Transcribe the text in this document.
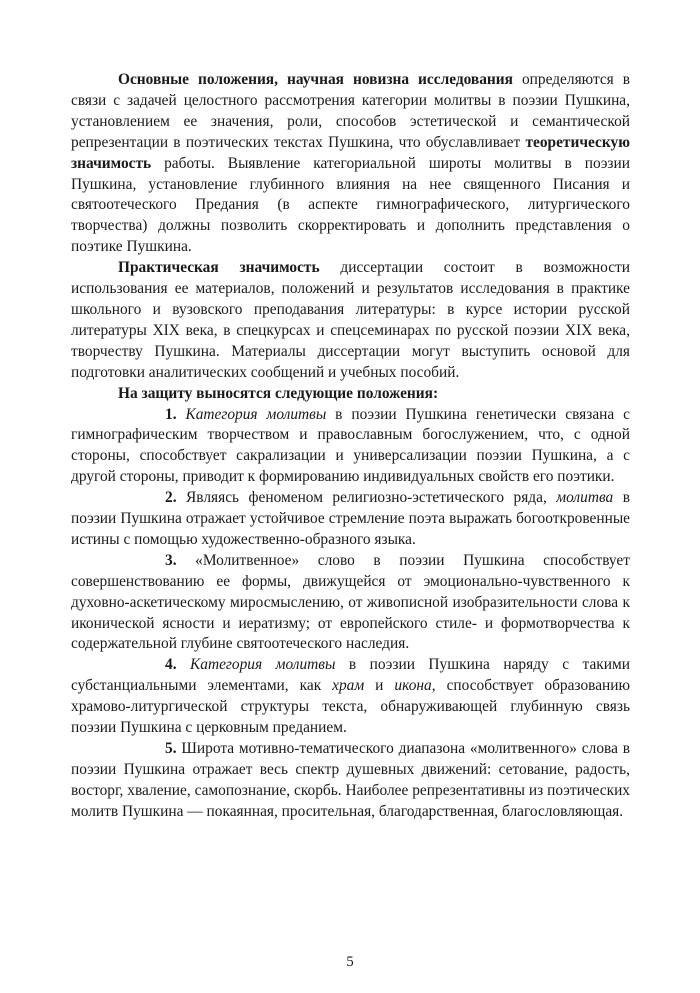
Основные положения, научная новизна исследования определяются в связи с задачей целостного рассмотрения категории молитвы в поэзии Пушкина, установлением ее значения, роли, способов эстетической и семантической репрезентации в поэтических текстах Пушкина, что обуславливает теоретическую значимость работы. Выявление категориальной широты молитвы в поэзии Пушкина, установление глубинного влияния на нее священного Писания и святоотеческого Предания (в аспекте гимнографического, литургического творчества) должны позволить скорректировать и дополнить представления о поэтике Пушкина.

Практическая значимость диссертации состоит в возможности использования ее материалов, положений и результатов исследования в практике школьного и вузовского преподавания литературы: в курсе истории русской литературы XIX века, в спецкурсах и спецсеминарах по русской поэзии XIX века, творчеству Пушкина. Материалы диссертации могут выступить основой для подготовки аналитических сообщений и учебных пособий.

На защиту выносятся следующие положения:

1. Категория молитвы в поэзии Пушкина генетически связана с гимнографическим творчеством и православным богослужением, что, с одной стороны, способствует сакрализации и универсализации поэзии Пушкина, а с другой стороны, приводит к формированию индивидуальных свойств его поэтики.

2. Являясь феноменом религиозно-эстетического ряда, молитва в поэзии Пушкина отражает устойчивое стремление поэта выражать богооткровенные истины с помощью художественно-образного языка.

3. «Молитвенное» слово в поэзии Пушкина способствует совершенствованию ее формы, движущейся от эмоционально-чувственного к духовно-аскетическому миросмыслению, от живописной изобразительности слова к иконической ясности и иератизму; от европейского стиле- и формотворчества к содержательной глубине святоотеческого наследия.

4. Категория молитвы в поэзии Пушкина наряду с такими субстанциальными элементами, как храм и икона, способствует образованию храмово-литургической структуры текста, обнаруживающей глубинную связь поэзии Пушкина с церковным преданием.

5. Широта мотивно-тематического диапазона «молитвенного» слова в поэзии Пушкина отражает весь спектр душевных движений: сетование, радость, восторг, хваление, самопознание, скорбь. Наиболее репрезентативны из поэтических молитв Пушкина — покаянная, просительная, благодарственная, благословляющая.

5
